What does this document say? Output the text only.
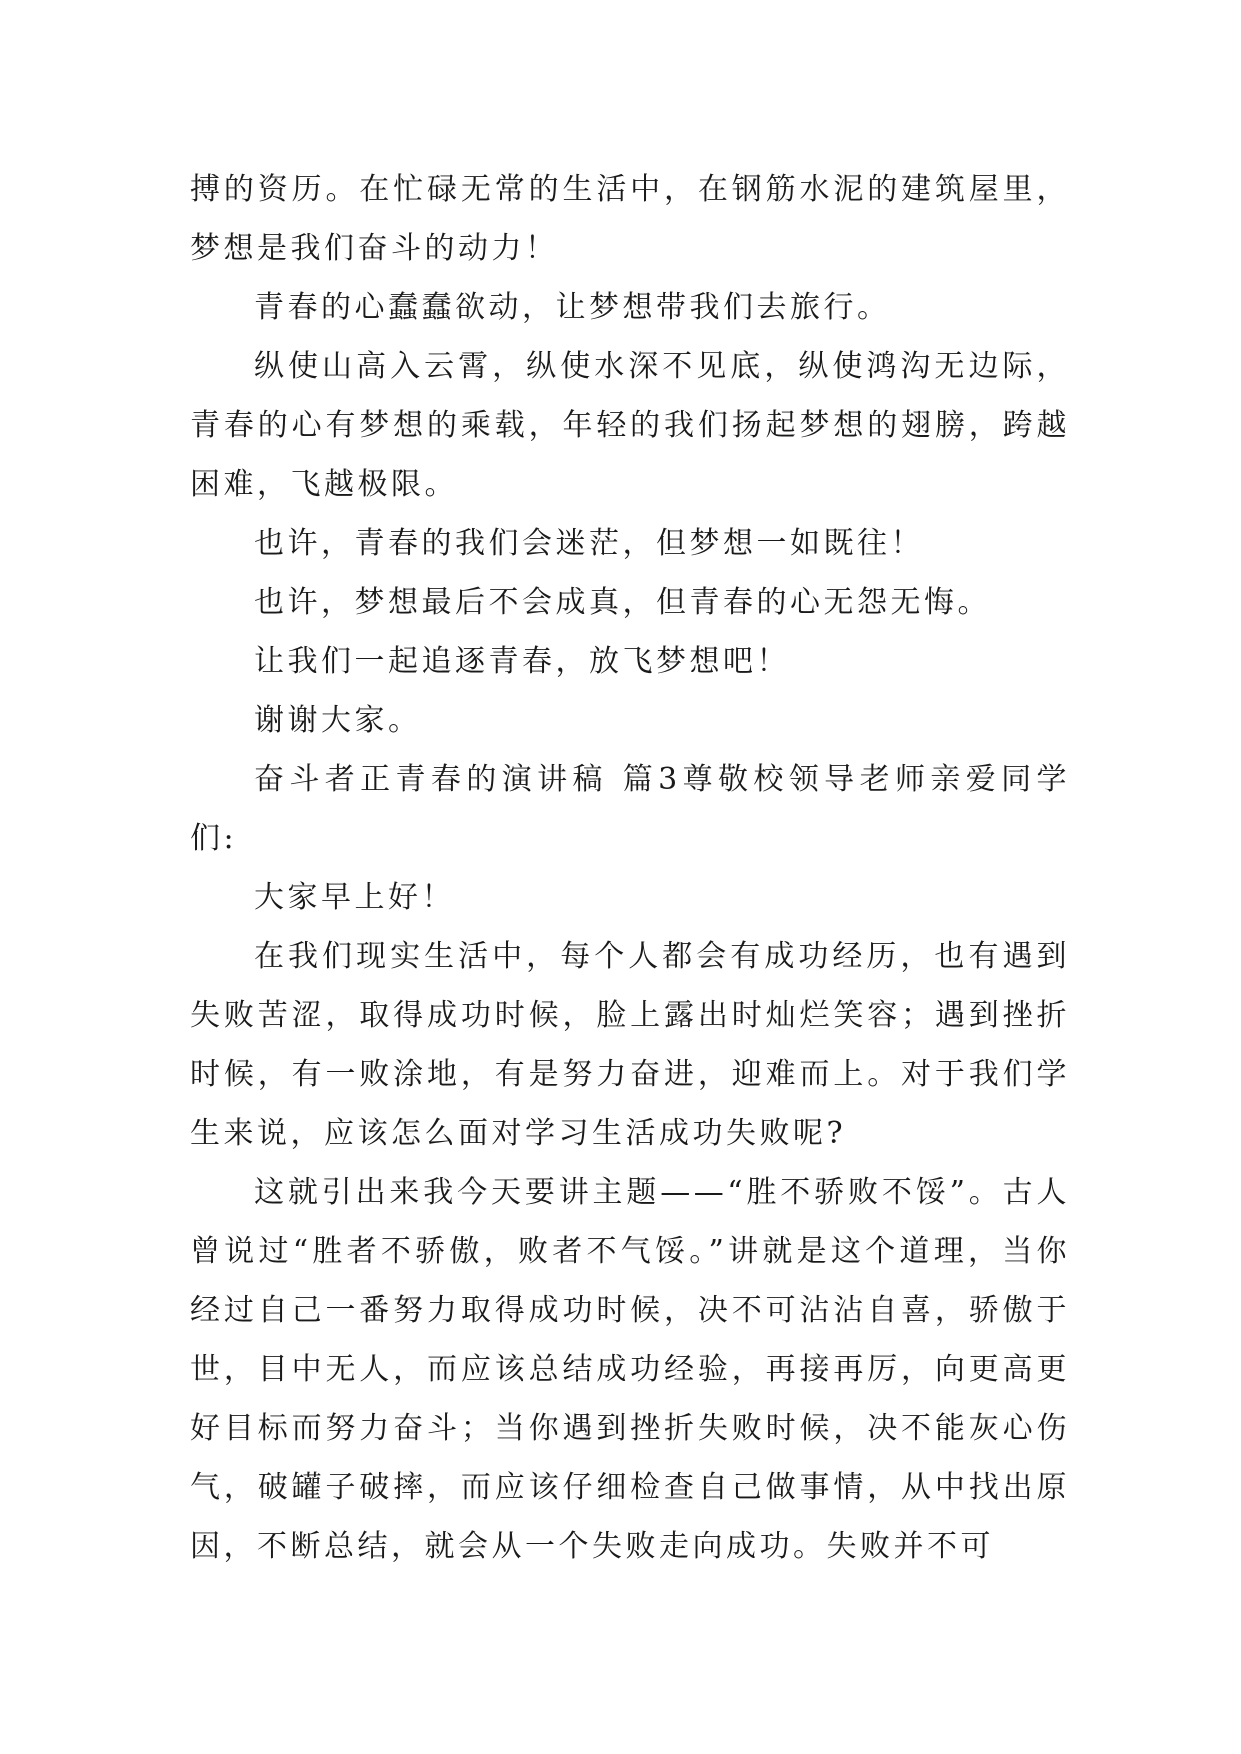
搏的资历。在忙碌无常的生活中，在钢筋水泥的建筑屋里，梦想是我们奋斗的动力！

青春的心蠢蠢欲动，让梦想带我们去旅行。

纵使山高入云霄，纵使水深不见底，纵使鸿沟无边际，青春的心有梦想的乘载，年轻的我们扬起梦想的翅膀，跨越困难，飞越极限。

也许，青春的我们会迷茫，但梦想一如既往！

也许，梦想最后不会成真，但青春的心无怨无悔。

让我们一起追逐青春，放飞梦想吧！

谢谢大家。

奋斗者正青春的演讲稿 篇3尊敬校领导老师亲爱同学们:

大家早上好！

在我们现实生活中，每个人都会有成功经历，也有遇到失败苦涩，取得成功时候，脸上露出时灿烂笑容；遇到挫折时候，有一败涂地，有是努力奋进，迎难而上。对于我们学生来说，应该怎么面对学习生活成功失败呢?

这就引出来我今天要讲主题——“胜不骄败不馁”。古人曾说过“胜者不骄傲，败者不气馁。”讲就是这个道理，当你经过自己一番努力取得成功时候，决不可沾沾自喜，骄傲于世，目中无人，而应该总结成功经验，再接再厉，向更高更好目标而努力奋斗；当你遇到挫折失败时候，决不能灰心伤气，破罐子破摔，而应该仔细检查自己做事情，从中找出原因，不断总结，就会从一个失败走向成功。失败并不可
